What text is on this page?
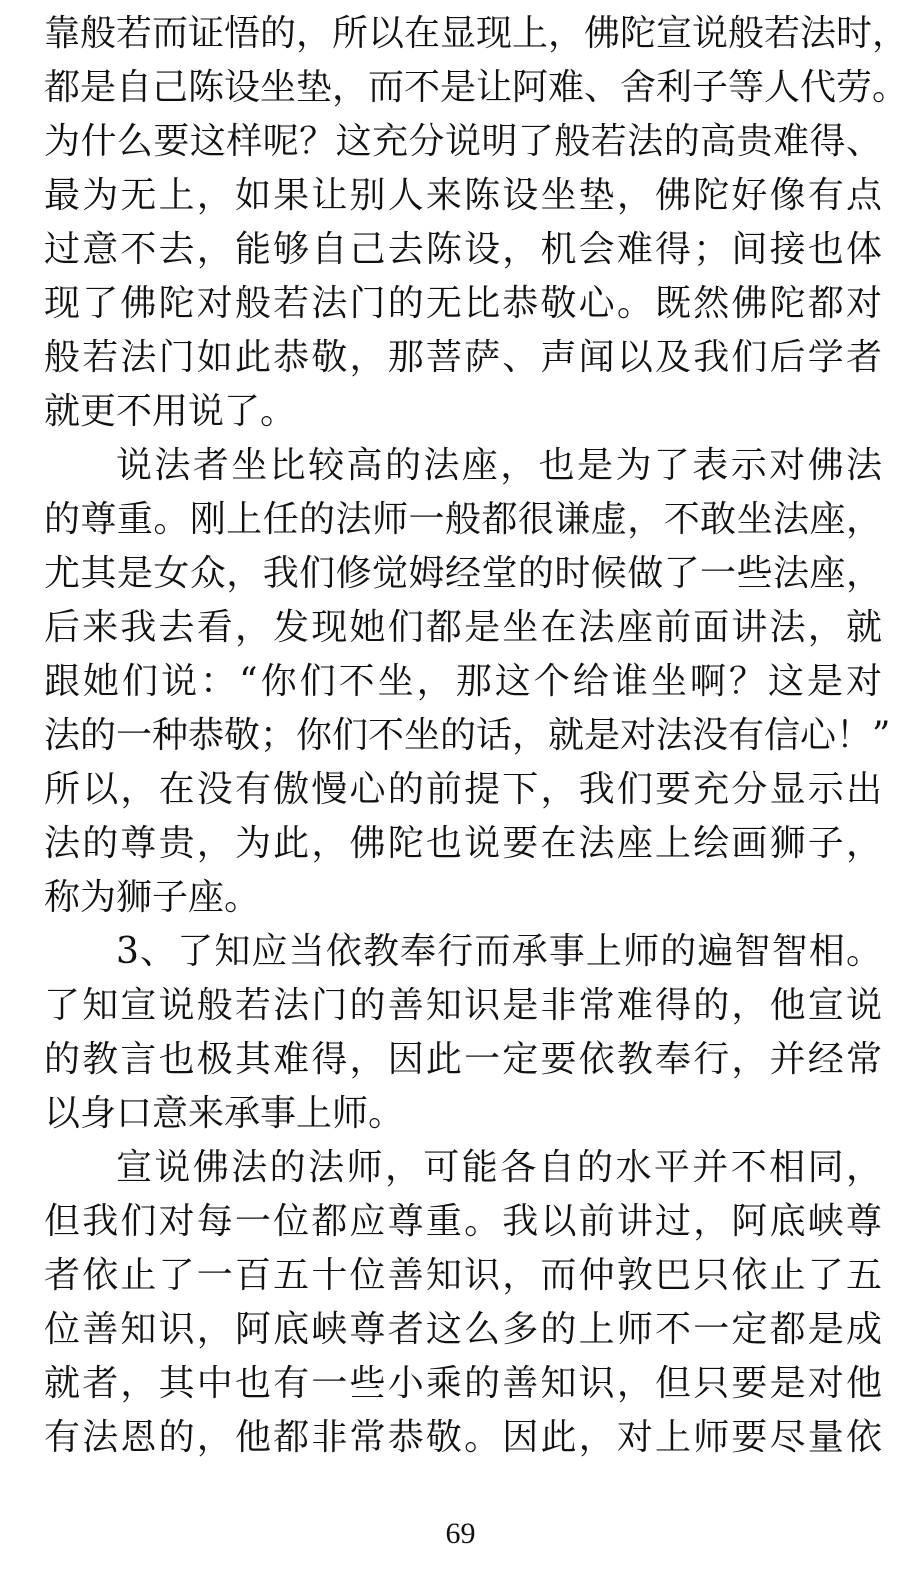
靠般若而证悟的，所以在显现上，佛陀宣说般若法时，
都是自己陈设坐垫，而不是让阿难、舍利子等人代劳。
为什么要这样呢？这充分说明了般若法的高贵难得、
最为无上，如果让别人来陈设坐垫，佛陀好像有点
过意不去，能够自己去陈设，机会难得；间接也体
现了佛陀对般若法门的无比恭敬心。既然佛陀都对
般若法门如此恭敬，那菩萨、声闻以及我们后学者
就更不用说了。
说法者坐比较高的法座，也是为了表示对佛法
的尊重。刚上任的法师一般都很谦虚，不敢坐法座，
尤其是女众，我们修觉姆经堂的时候做了一些法座，
后来我去看，发现她们都是坐在法座前面讲法，就
跟她们说：“你们不坐，那这个给谁坐啊？这是对
法的一种恭敬；你们不坐的话，就是对法没有信心！”
所以，在没有傲慢心的前提下，我们要充分显示出
法的尊贵，为此，佛陀也说要在法座上绘画狮子，
称为狮子座。
3、了知应当依教奉行而承事上师的遍智智相。
了知宣说般若法门的善知识是非常难得的，他宣说
的教言也极其难得，因此一定要依教奉行，并经常
以身口意来承事上师。
宣说佛法的法师，可能各自的水平并不相同，
但我们对每一位都应尊重。我以前讲过，阿底峡尊
者依止了一百五十位善知识，而仲敦巴只依止了五
位善知识，阿底峡尊者这么多的上师不一定都是成
就者，其中也有一些小乘的善知识，但只要是对他
有法恩的，他都非常恭敬。因此，对上师要尽量依
69
